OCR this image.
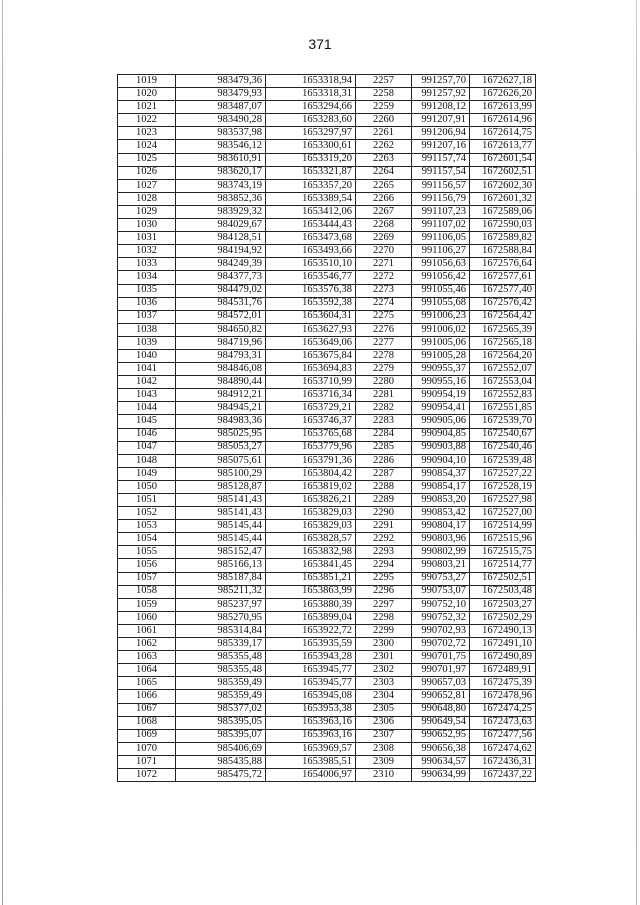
371
1019	983479,36	1653318,94	2257	991257,70	1672627,18
1020	983479,93	1653318,31	2258	991257,92	1672626,20
1021	983487,07	1653294,66	2259	991208,12	1672613,99
1022	983490,28	1653283,60	2260	991207,91	1672614,96
1023	983537,98	1653297,97	2261	991206,94	1672614,75
1024	983546,12	1653300,61	2262	991207,16	1672613,77
1025	983610,91	1653319,20	2263	991157,74	1672601,54
1026	983620,17	1653321,87	2264	991157,54	1672602,51
1027	983743,19	1653357,20	2265	991156,57	1672602,30
1028	983852,36	1653389,54	2266	991156,79	1672601,32
1029	983929,32	1653412,06	2267	991107,23	1672589,06
1030	984029,67	1653444,43	2268	991107,02	1672590,03
1031	984128,51	1653473,68	2269	991106,05	1672589,82
1032	984194,92	1653493,66	2270	991106,27	1672588,84
1033	984249,39	1653510,10	2271	991056,63	1672576,64
1034	984377,73	1653546,77	2272	991056,42	1672577,61
1035	984479,02	1653576,38	2273	991055,46	1672577,40
1036	984531,76	1653592,38	2274	991055,68	1672576,42
1037	984572,01	1653604,31	2275	991006,23	1672564,42
1038	984650,82	1653627,93	2276	991006,02	1672565,39
1039	984719,96	1653649,06	2277	991005,06	1672565,18
1040	984793,31	1653675,84	2278	991005,28	1672564,20
1041	984846,08	1653694,83	2279	990955,37	1672552,07
1042	984890,44	1653710,99	2280	990955,16	1672553,04
1043	984912,21	1653716,34	2281	990954,19	1672552,83
1044	984945,21	1653729,21	2282	990954,41	1672551,85
1045	984983,36	1653746,37	2283	990905,06	1672539,70
1046	985025,95	1653765,68	2284	990904,85	1672540,67
1047	985053,27	1653779,96	2285	990903,88	1672540,46
1048	985075,61	1653791,36	2286	990904,10	1672539,48
1049	985100,29	1653804,42	2287	990854,37	1672527,22
1050	985128,87	1653819,02	2288	990854,17	1672528,19
1051	985141,43	1653826,21	2289	990853,20	1672527,98
1052	985141,43	1653829,03	2290	990853,42	1672527,00
1053	985145,44	1653829,03	2291	990804,17	1672514,99
1054	985145,44	1653828,57	2292	990803,96	1672515,96
1055	985152,47	1653832,98	2293	990802,99	1672515,75
1056	985166,13	1653841,45	2294	990803,21	1672514,77
1057	985187,84	1653851,21	2295	990753,27	1672502,51
1058	985211,32	1653863,99	2296	990753,07	1672503,48
1059	985237,97	1653880,39	2297	990752,10	1672503,27
1060	985270,95	1653899,04	2298	990752,32	1672502,29
1061	985314,84	1653922,72	2299	990702,93	1672490,13
1062	985339,17	1653935,59	2300	990702,72	1672491,10
1063	985355,48	1653943,28	2301	990701,75	1672490,89
1064	985355,48	1653945,77	2302	990701,97	1672489,91
1065	985359,49	1653945,77	2303	990657,03	1672475,39
1066	985359,49	1653945,08	2304	990652,81	1672478,96
1067	985377,02	1653953,38	2305	990648,80	1672474,25
1068	985395,05	1653963,16	2306	990649,54	1672473,63
1069	985395,07	1653963,16	2307	990652,95	1672477,56
1070	985406,69	1653969,57	2308	990656,38	1672474,62
1071	985435,88	1653985,51	2309	990634,57	1672436,31
1072	985475,72	1654006,97	2310	990634,99	1672437,22
